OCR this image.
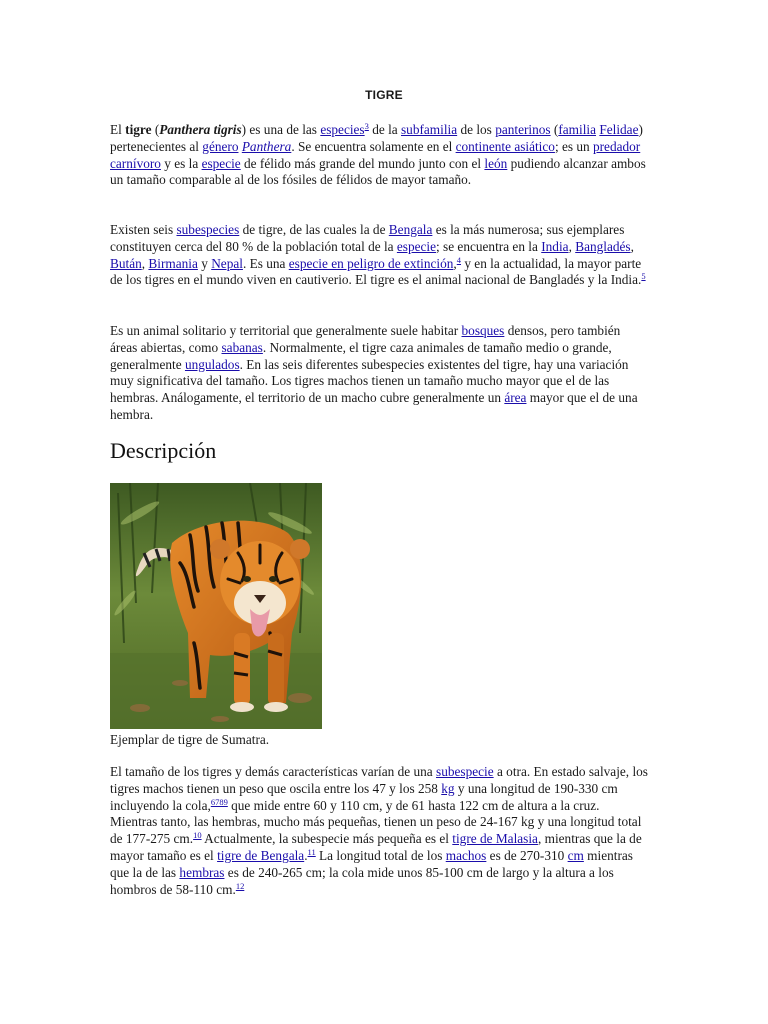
TIGRE

El tigre (Panthera tigris) es una de las especies$^3$ de la subfamilia de los panterinos (familia Felidae) pertenecientes al género Panthera. Se encuentra solamente en el continente asiático; es un predador carnívoro y es la especie de félido más grande del mundo junto con el león pudiendo alcanzar ambos un tamaño comparable al de los fósiles de félidos de mayor tamaño.

Existen seis subespecies de tigre, de las cuales la de Bengala es la más numerosa; sus ejemplares constituyen cerca del 80 % de la población total de la especie; se encuentra en la India, Bangladés, Bután, Birmania y Nepal. Es una especie en peligro de extinción,$^4$ y en la actualidad, la mayor parte de los tigres en el mundo viven en cautiverio. El tigre es el animal nacional de Bangladés y la India.$^5$

Es un animal solitario y territorial que generalmente suele habitar bosques densos, pero también áreas abiertas, como sabanas. Normalmente, el tigre caza animales de tamaño medio o grande, generalmente ungulados. En las seis diferentes subespecies existentes del tigre, hay una variación muy significativa del tamaño. Los tigres machos tienen un tamaño mucho mayor que el de las hembras. Análogamente, el territorio de un macho cubre generalmente un área mayor que el de una hembra.

Descripción
Ejemplar de tigre de Sumatra.

El tamaño de los tigres y demás características varían de una subespecie a otra. En estado salvaje, los tigres machos tienen un peso que oscila entre los 47 y los 258 kg y una longitud de 190-330 cm incluyendo la cola,$^{6789}$ que mide entre 60 y 110 cm, y de 61 hasta 122 cm de altura a la cruz. Mientras tanto, las hembras, mucho más pequeñas, tienen un peso de 24-167 kg y una longitud total de 177-275 cm.$^{10}$ Actualmente, la subespecie más pequeña es el tigre de Malasia, mientras que la de mayor tamaño es el tigre de Bengala.$^{11}$ La longitud total de los machos es de 270-310 cm mientras que la de las hembras es de 240-265 cm; la cola mide unos 85-100 cm de largo y la altura a los hombros de 58-110 cm.$^{12}$
